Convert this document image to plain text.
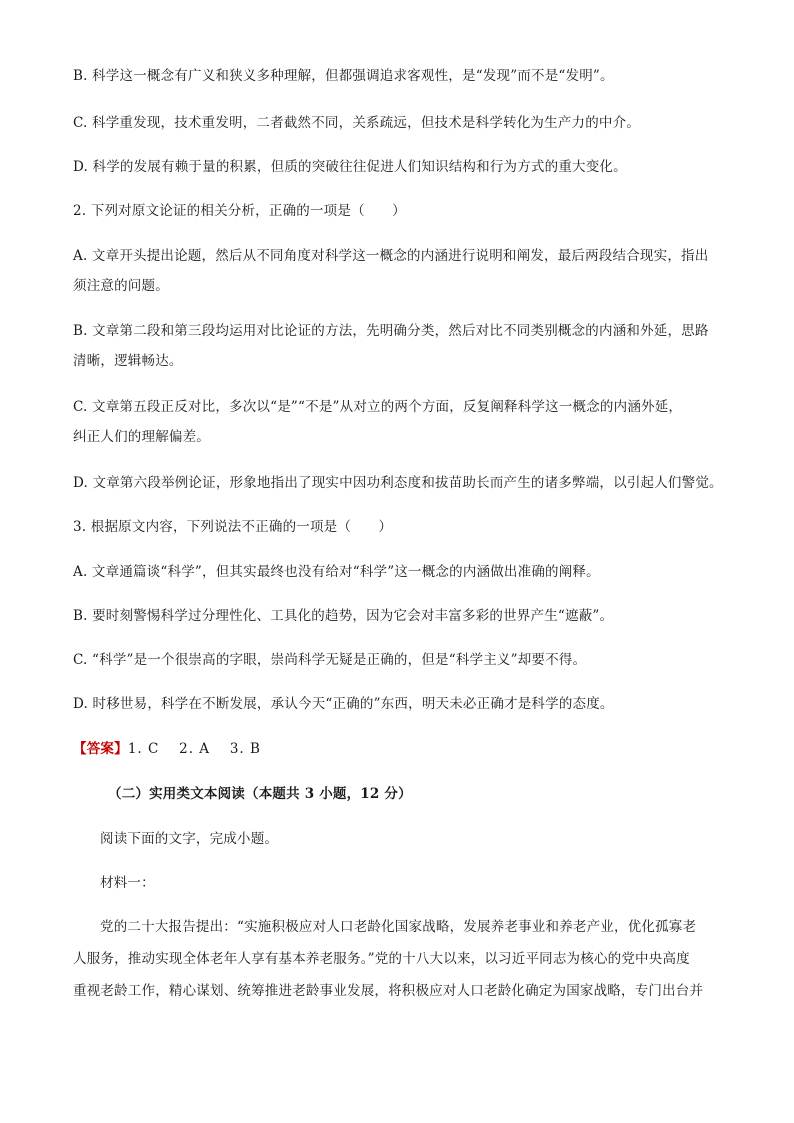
B. 科学这一概念有广义和狭义多种理解，但都强调追求客观性，是“发现”而不是“发明”。
C. 科学重发现，技术重发明，二者截然不同，关系疏远，但技术是科学转化为生产力的中介。
D. 科学的发展有赖于量的积累，但质的突破往往促进人们知识结构和行为方式的重大变化。
2. 下列对原文论证的相关分析，正确的一项是（　　）
A. 文章开头提出论题，然后从不同角度对科学这一概念的内涵进行说明和阐发，最后两段结合现实，指出
须注意的问题。
B. 文章第二段和第三段均运用对比论证的方法，先明确分类，然后对比不同类别概念的内涵和外延，思路
清晰，逻辑畅达。
C. 文章第五段正反对比，多次以“是”“不是”从对立的两个方面，反复阐释科学这一概念的内涵外延，
纠正人们的理解偏差。
D. 文章第六段举例论证，形象地指出了现实中因功利态度和拔苗助长而产生的诸多弊端，以引起人们警觉。
3. 根据原文内容，下列说法不正确的一项是（　　）
A. 文章通篇谈“科学”，但其实最终也没有给对“科学”这一概念的内涵做出准确的阐释。
B. 要时刻警惕科学过分理性化、工具化的趋势，因为它会对丰富多彩的世界产生“遮蔽”。
C. “科学”是一个很崇高的字眼，崇尚科学无疑是正确的，但是“科学主义”却要不得。
D. 时移世易，科学在不断发展，承认今天“正确的”东西，明天未必正确才是科学的态度。
【答案】1. C　 2. A　 3. B
（二）实用类文本阅读（本题共 3 小题，12 分）
阅读下面的文字，完成小题。
材料一：
党的二十大报告提出：“实施积极应对人口老龄化国家战略，发展养老事业和养老产业，优化孤寡老
人服务，推动实现全体老年人享有基本养老服务。”党的十八大以来，以习近平同志为核心的党中央高度
重视老龄工作，精心谋划、统筹推进老龄事业发展，将积极应对人口老龄化确定为国家战略，专门出台并
